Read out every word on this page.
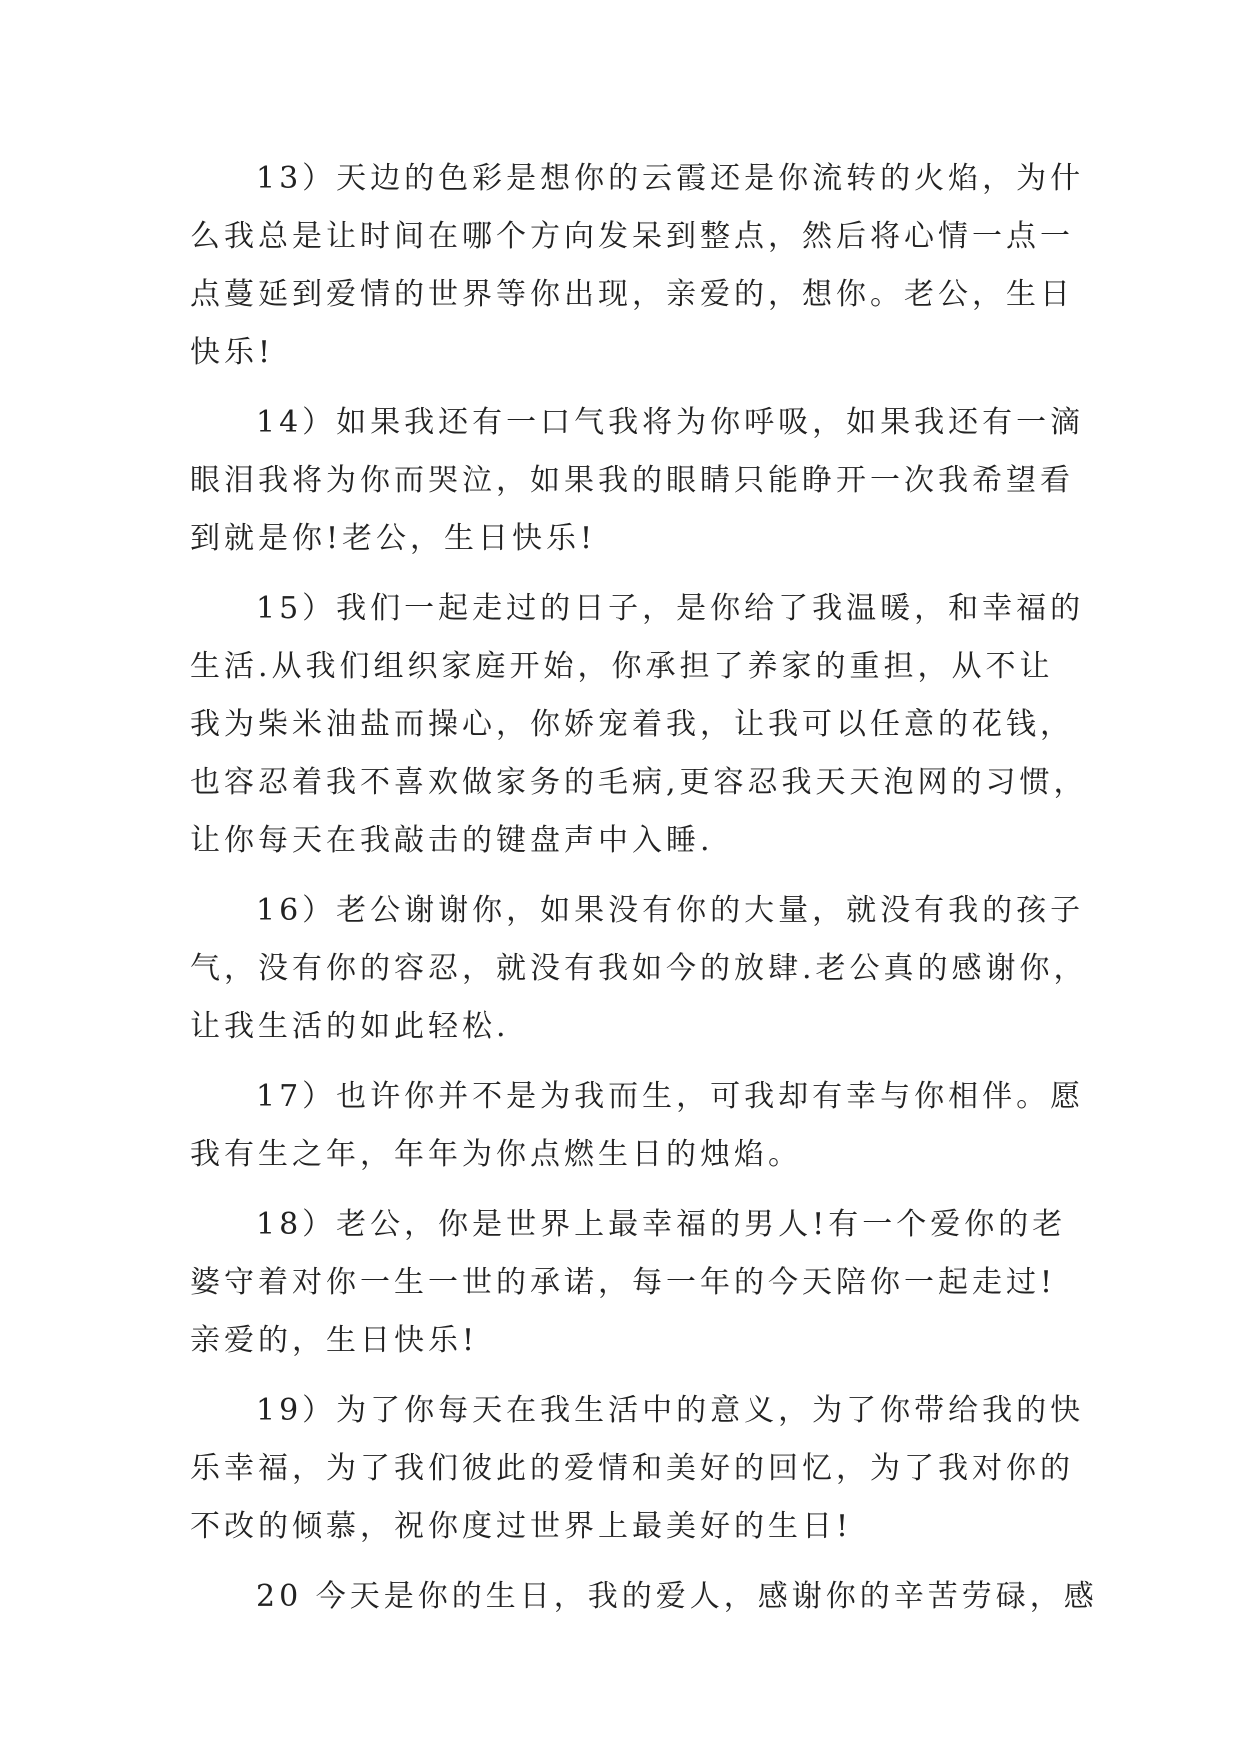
13）天边的色彩是想你的云霞还是你流转的火焰，为什
么我总是让时间在哪个方向发呆到整点，然后将心情一点一
点蔓延到爱情的世界等你出现，亲爱的，想你。老公，生日
快乐!
14）如果我还有一口气我将为你呼吸，如果我还有一滴
眼泪我将为你而哭泣，如果我的眼睛只能睁开一次我希望看
到就是你!老公，生日快乐!
15）我们一起走过的日子，是你给了我温暖，和幸福的
生活.从我们组织家庭开始，你承担了养家的重担，从不让
我为柴米油盐而操心，你娇宠着我，让我可以任意的花钱，
也容忍着我不喜欢做家务的毛病,更容忍我天天泡网的习惯，
让你每天在我敲击的键盘声中入睡.
16）老公谢谢你，如果没有你的大量，就没有我的孩子
气，没有你的容忍，就没有我如今的放肆.老公真的感谢你，
让我生活的如此轻松.
17）也许你并不是为我而生，可我却有幸与你相伴。愿
我有生之年，年年为你点燃生日的烛焰。
18）老公，你是世界上最幸福的男人!有一个爱你的老
婆守着对你一生一世的承诺，每一年的今天陪你一起走过!
亲爱的，生日快乐!
19）为了你每天在我生活中的意义，为了你带给我的快
乐幸福，为了我们彼此的爱情和美好的回忆，为了我对你的
不改的倾慕，祝你度过世界上最美好的生日!
20 今天是你的生日，我的爱人，感谢你的辛苦劳碌，感
